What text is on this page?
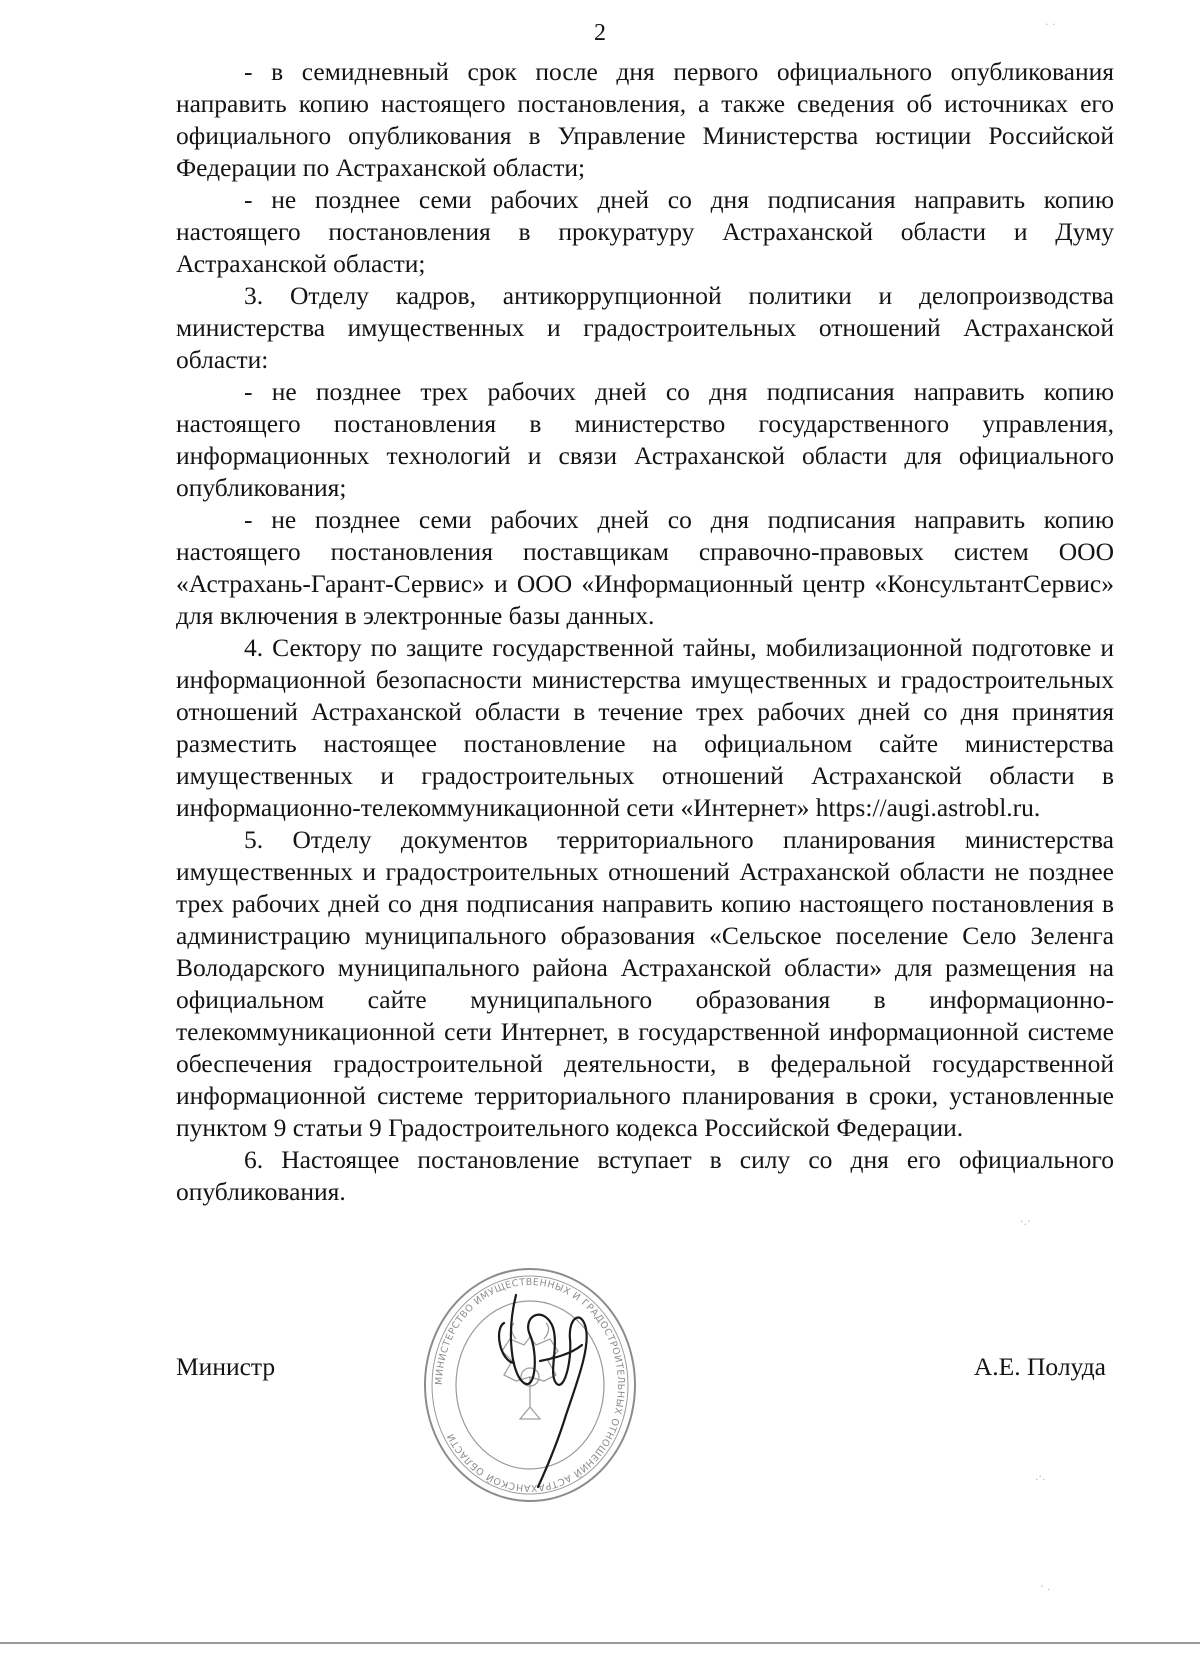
2

- в семидневный срок после дня первого официального опубликования направить копию настоящего постановления, а также сведения об источниках его официального опубликования в Управление Министерства юстиции Российской Федерации по Астраханской области;

- не позднее семи рабочих дней со дня подписания направить копию настоящего постановления в прокуратуру Астраханской области и Думу Астраханской области;

3. Отделу кадров, антикоррупционной политики и делопроизводства министерства имущественных и градостроительных отношений Астраханской области:

- не позднее трех рабочих дней со дня подписания направить копию настоящего постановления в министерство государственного управления, информационных технологий и связи Астраханской области для официального опубликования;

- не позднее семи рабочих дней со дня подписания направить копию настоящего постановления поставщикам справочно-правовых систем ООО «Астрахань-Гарант-Сервис» и ООО «Информационный центр «КонсультантСервис» для включения в электронные базы данных.

4. Сектору по защите государственной тайны, мобилизационной подготовке и информационной безопасности министерства имущественных и градостроительных отношений Астраханской области в течение трех рабочих дней со дня принятия разместить настоящее постановление на официальном сайте министерства имущественных и градостроительных отношений Астраханской области в информационно-телекоммуникационной сети «Интернет» https://augi.astrobl.ru.

5. Отделу документов территориального планирования министерства имущественных и градостроительных отношений Астраханской области не позднее трех рабочих дней со дня подписания направить копию настоящего постановления в администрацию муниципального образования «Сельское поселение Село Зеленга Володарского муниципального района Астраханской области» для размещения на официальном сайте муниципального образования в информационно-телекоммуникационной сети Интернет, в государственной информационной системе обеспечения градостроительной деятельности, в федеральной государственной информационной системе территориального планирования в сроки, установленные пунктом 9 статьи 9 Градостроительного кодекса Российской Федерации.

6. Настоящее постановление вступает в силу со дня его официального опубликования.

Министр	А.Е. Полуда
МИНИСТЕРСТВО ИМУЩЕСТВЕННЫХ И ГРАДОСТРОИТЕЛЬНЫХ ОТНОШЕНИЙ АСТРАХАНСКОЙ ОБЛАСТИ
· ·
·.·
.·.
· .
